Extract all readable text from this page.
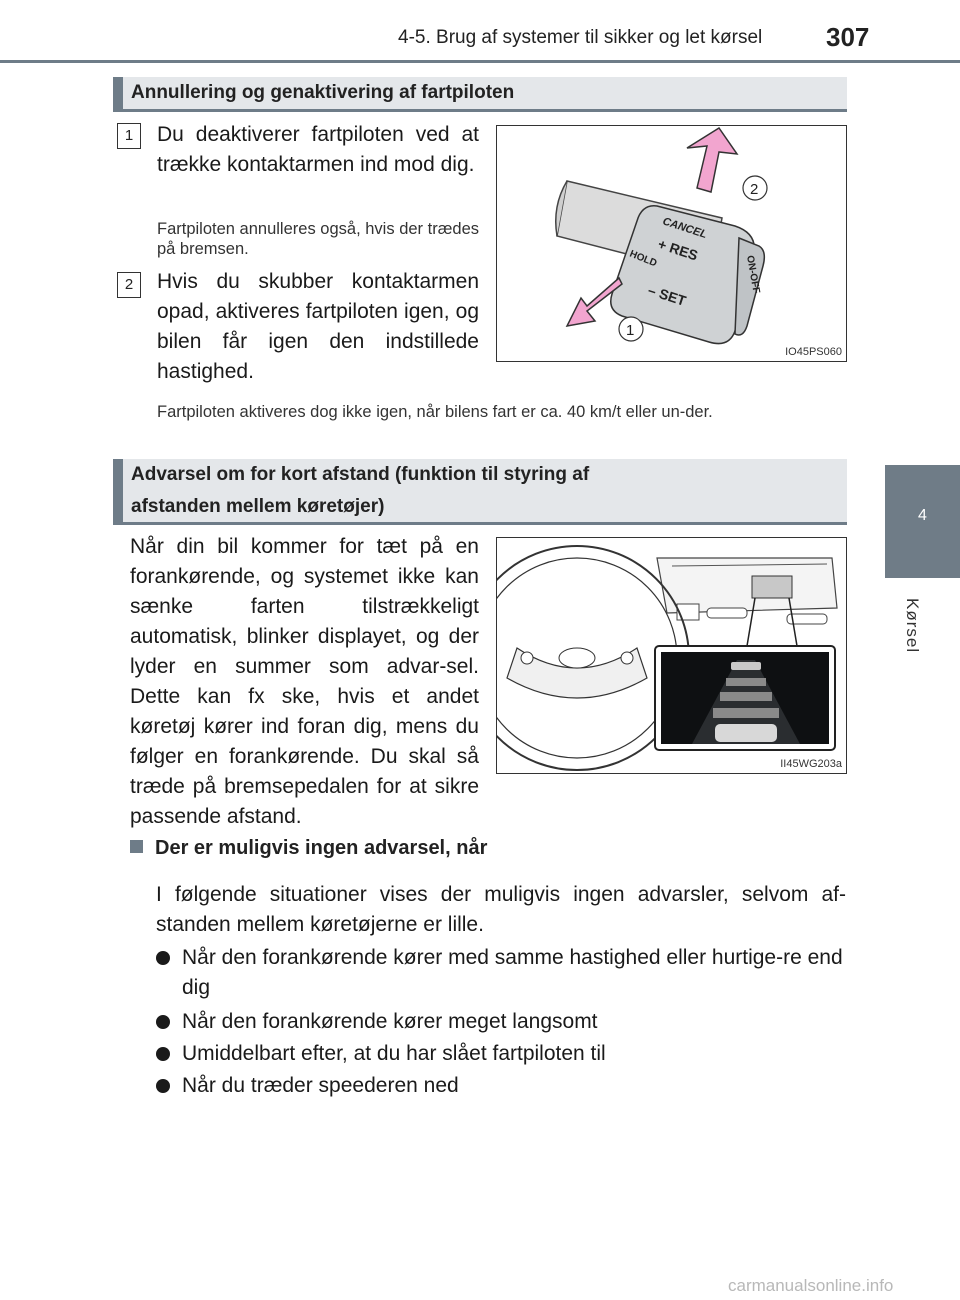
4-5. Brug af systemer til sikker og let kørsel 307
4
Kørsel
Annullering og genaktivering af fartpiloten
1	Du deaktiverer fartpiloten ved at trække kontaktarmen ind mod dig.
Fartpiloten annulleres også, hvis der trædes på bremsen.
2	Hvis du skubber kontaktarmen opad, aktiveres fartpiloten igen, og bilen får igen den indstillede hastighed.
Fartpiloten aktiveres dog ikke igen, når bilens fart er ca. 40 km/t eller un-der.
CANCEL
+ RES
HOLD
– SET
ON-OFF
2
1
IO45PS060
Advarsel om for kort afstand (funktion til styring af
afstanden mellem køretøjer)
Når din bil kommer for tæt på en forankørende, og systemet ikke kan sænke farten tilstrækkeligt automatisk, blinker displayet, og der lyder en summer som advar-sel. Dette kan fx ske, hvis et andet køretøj kører ind foran dig, mens du følger en forankørende. Du skal så træde på bremsepedalen for at sikre passende afstand.
II45WG203a
Der er muligvis ingen advarsel, når
I følgende situationer vises der muligvis ingen advarsler, selvom af-standen mellem køretøjerne er lille.
Når den forankørende kører med samme hastighed eller hurtige-re end dig
Når den forankørende kører meget langsomt
Umiddelbart efter, at du har slået fartpiloten til
Når du træder speederen ned
carmanualsonline.info
